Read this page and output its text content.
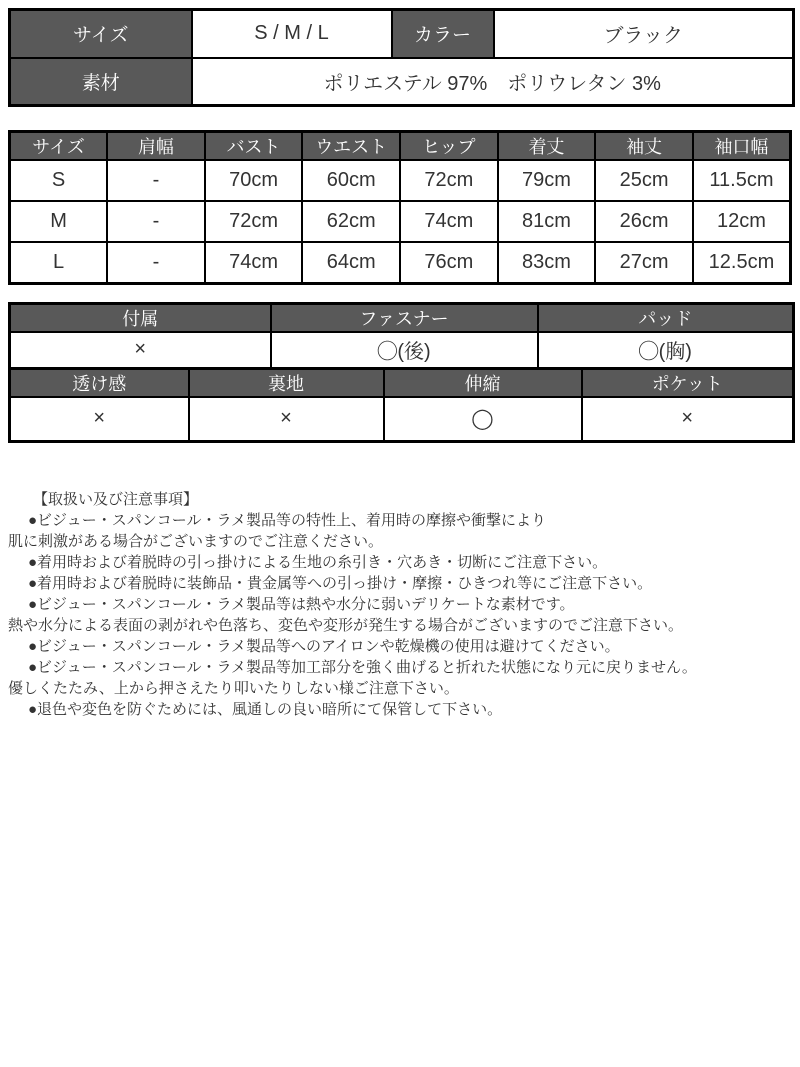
サイズ	S / M / L	カラー	ブラック
素材	ポリエステル 97%　ポリウレタン 3%		
サイズ	肩幅	バスト	ウエスト	ヒップ	着丈	袖丈	袖口幅
S	-	70cm	60cm	72cm	79cm	25cm	11.5cm
M	-	72cm	62cm	74cm	81cm	26cm	12cm
L	-	74cm	64cm	76cm	83cm	27cm	12.5cm
付属	ファスナー	パッド
×	◯(後)	◯(胸)
透け感	裏地	伸縮	ポケット
×	×	◯	×
【取扱い及び注意事項】
●ビジュー・スパンコール・ラメ製品等の特性上、着用時の摩擦や衝撃により
肌に刺激がある場合がございますのでご注意ください。
●着用時および着脱時の引っ掛けによる生地の糸引き・穴あき・切断にご注意下さい。
●着用時および着脱時に装飾品・貴金属等への引っ掛け・摩擦・ひきつれ等にご注意下さい。
●ビジュー・スパンコール・ラメ製品等は熱や水分に弱いデリケートな素材です。
熱や水分による表面の剥がれや色落ち、変色や変形が発生する場合がございますのでご注意下さい。
●ビジュー・スパンコール・ラメ製品等へのアイロンや乾燥機の使用は避けてください。
●ビジュー・スパンコール・ラメ製品等加工部分を強く曲げると折れた状態になり元に戻りません。
優しくたたみ、上から押さえたり叩いたりしない様ご注意下さい。
●退色や変色を防ぐためには、風通しの良い暗所にて保管して下さい。
